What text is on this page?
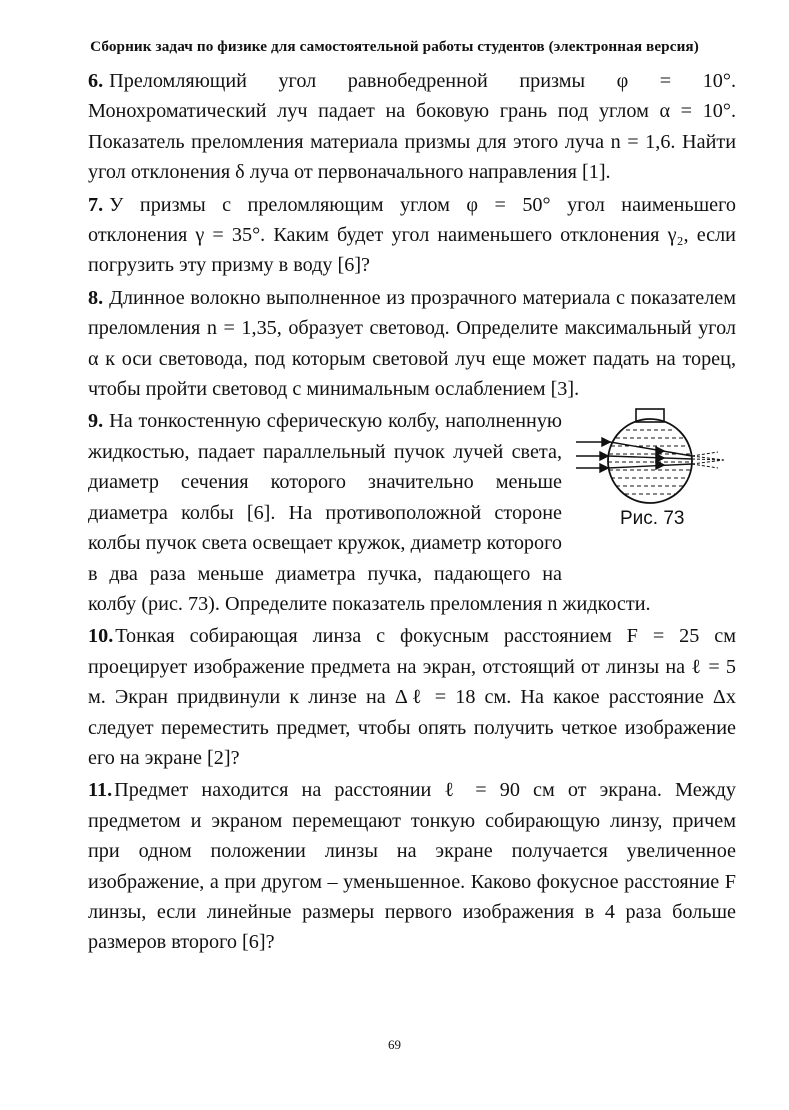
Сборник задач по физике для самостоятельной работы студентов (электронная версия)

6. Преломляющий угол равнобедренной призмы φ = 10°. Монохроматический луч падает на боковую грань под углом α = 10°. Показатель преломления материала призмы для этого луча n = 1,6. Найти угол отклонения δ луча от первоначального направления [1].

7. У призмы с преломляющим углом φ = 50° угол наименьшего отклонения γ = 35°. Каким будет угол наименьшего отклонения γ₂, если погрузить эту призму в воду [6]?

8. Длинное волокно выполненное из прозрачного материала с показателем преломления n = 1,35, образует световод. Определите максимальный угол α к оси световода, под которым световой луч еще может падать на торец, чтобы пройти световод с минимальным ослаблением [3].

Рис. 73

9. На тонкостенную сферическую колбу, наполненную жидкостью, падает параллельный пучок лучей света, диаметр сечения которого значительно меньше диаметра колбы [6]. На противоположной стороне колбы пучок света освещает кружок, диаметр которого в два раза меньше диаметра пучка, падающего на колбу (рис. 73). Определите показатель преломления n жидкости.

10.Тонкая собирающая линза с фокусным расстоянием F = 25 см проецирует изображение предмета на экран, отстоящий от линзы на ℓ = 5 м. Экран придвинули к линзе на Δℓ = 18 см. На какое расстояние Δx следует переместить предмет, чтобы опять получить четкое изображение его на экране [2]?

11.Предмет находится на расстоянии ℓ = 90 см от экрана. Между предметом и экраном перемещают тонкую собирающую линзу, причем при одном положении линзы на экране получается увеличенное изображение, а при другом – уменьшенное. Каково фокусное расстояние F линзы, если линейные размеры первого изображения в 4 раза больше размеров второго [6]?

69
